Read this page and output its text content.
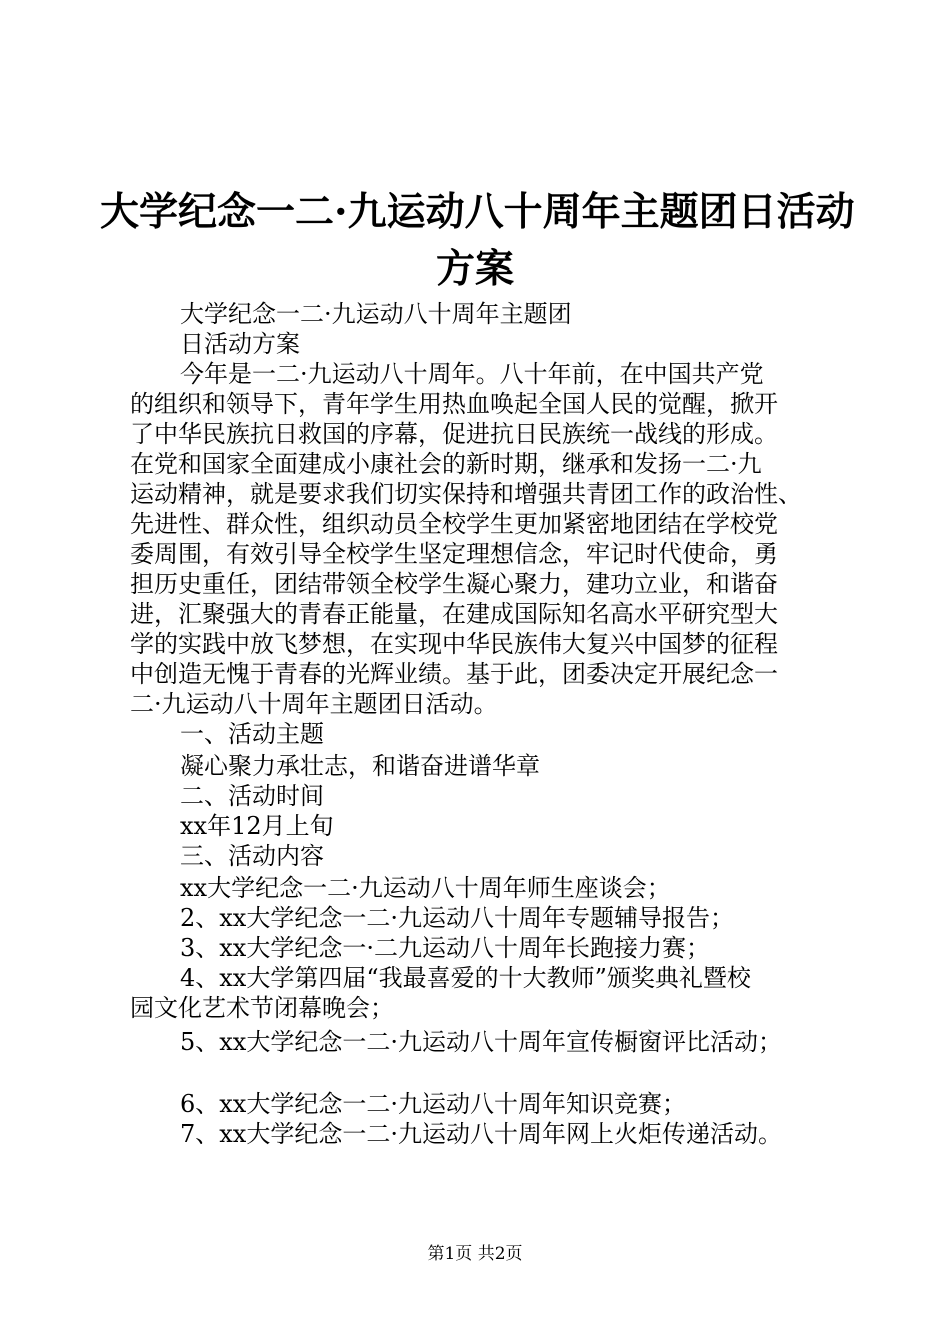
大学纪念一二·九运动八十周年主题团日活动
方案
大学纪念一二·九运动八十周年主题团
日活动方案
今年是一二·九运动八十周年。八十年前，在中国共产党
的组织和领导下，青年学生用热血唤起全国人民的觉醒，掀开
了中华民族抗日救国的序幕，促进抗日民族统一战线的形成。
在党和国家全面建成小康社会的新时期，继承和发扬一二·九
运动精神，就是要求我们切实保持和增强共青团工作的政治性、
先进性、群众性，组织动员全校学生更加紧密地团结在学校党
委周围，有效引导全校学生坚定理想信念，牢记时代使命，勇
担历史重任，团结带领全校学生凝心聚力，建功立业，和谐奋
进，汇聚强大的青春正能量，在建成国际知名高水平研究型大
学的实践中放飞梦想，在实现中华民族伟大复兴中国梦的征程
中创造无愧于青春的光辉业绩。基于此，团委决定开展纪念一
二·九运动八十周年主题团日活动。
一、活动主题
凝心聚力承壮志，和谐奋进谱华章
二、活动时间
xx年12月上旬
三、活动内容
xx大学纪念一二·九运动八十周年师生座谈会；
2、xx大学纪念一二·九运动八十周年专题辅导报告；
3、xx大学纪念一·二九运动八十周年长跑接力赛；
4、xx大学第四届“我最喜爱的十大教师”颁奖典礼暨校
园文化艺术节闭幕晚会；
5、xx大学纪念一二·九运动八十周年宣传橱窗评比活动；
6、xx大学纪念一二·九运动八十周年知识竞赛；
7、xx大学纪念一二·九运动八十周年网上火炬传递活动。
第1页 共2页
